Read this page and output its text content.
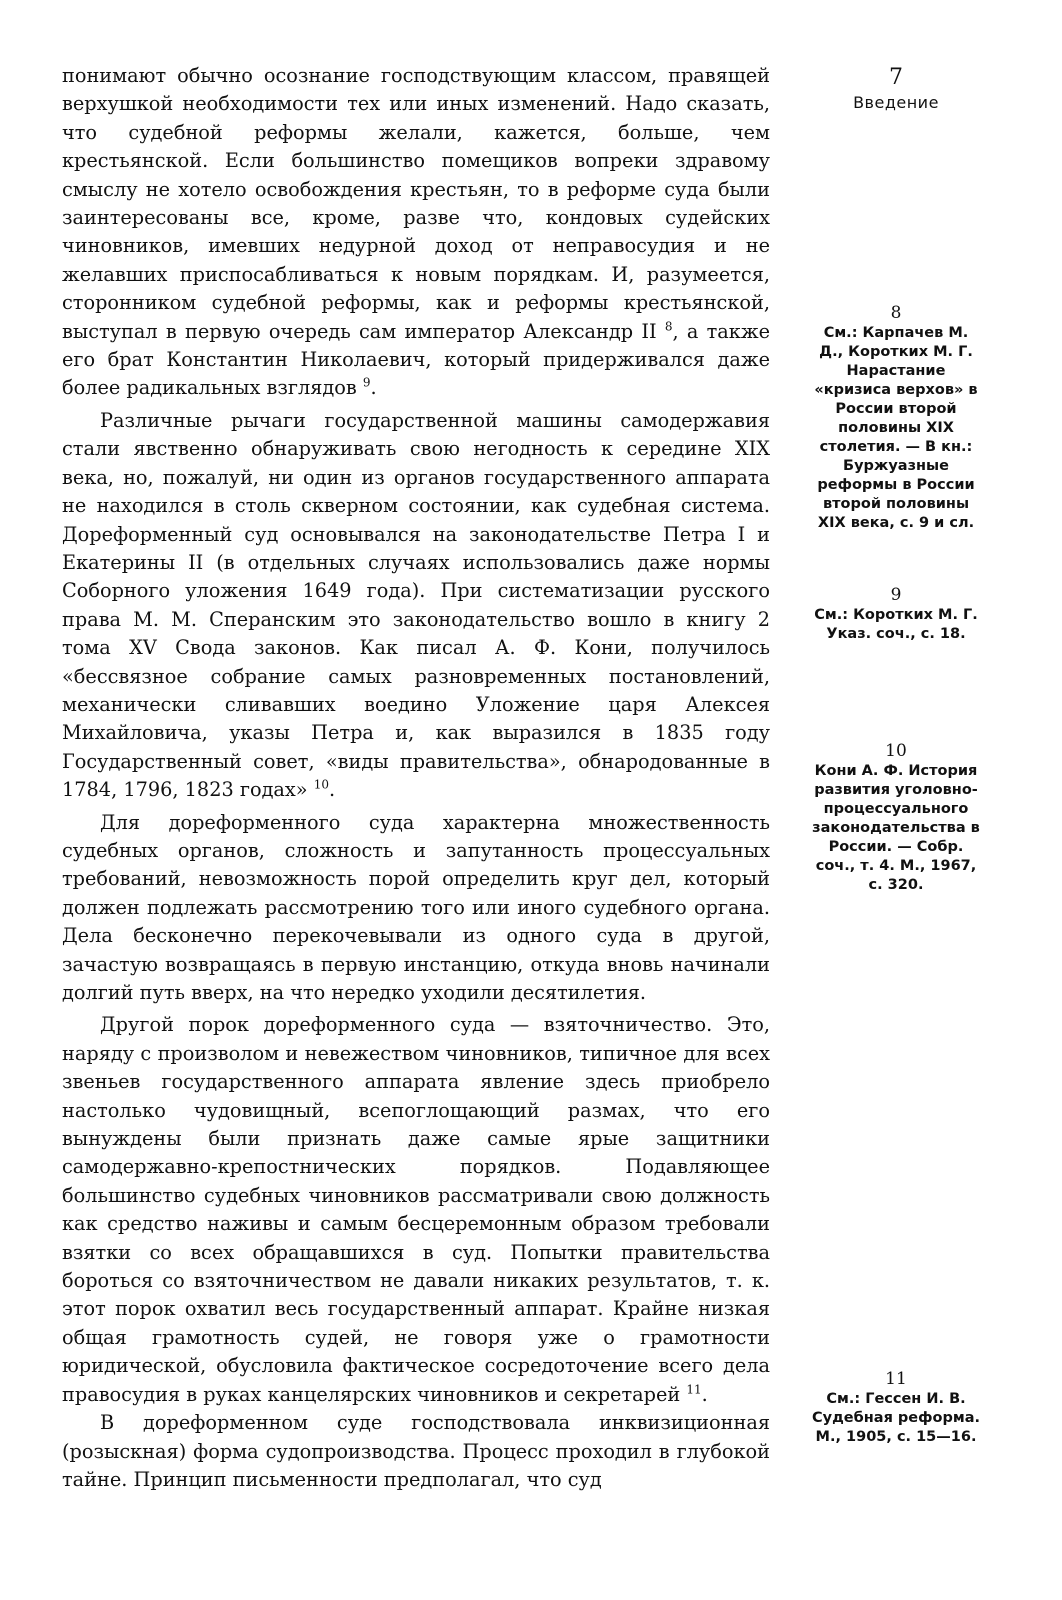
7
Введение

понимают обычно осознание господствующим классом, правящей верхушкой необходимости тех или иных изменений. Надо сказать, что судебной реформы желали, кажется, больше, чем крестьянской. Если большинство помещиков вопреки здравому смыслу не хотело освобождения крестьян, то в реформе суда были заинтересованы все, кроме, разве что, кондовых судейских чиновников, имевших недурной доход от неправосудия и не желавших приспосабливаться к новым порядкам. И, разумеется, сторонником судебной реформы, как и реформы крестьянской, выступал в первую очередь сам император Александр II $^8$, а также его брат Константин Николаевич, который придерживался даже более радикальных взглядов $^9$.

Различные рычаги государственной машины самодержавия стали явственно обнаруживать свою негодность к середине XIX века, но, пожалуй, ни один из органов государственного аппарата не находился в столь скверном состоянии, как судебная система. Дореформенный суд основывался на законодательстве Петра I и Екатерины II (в отдельных случаях использовались даже нормы Соборного уложения 1649 года). При систематизации русского права М. М. Сперанским это законодательство вошло в книгу 2 тома XV Свода законов. Как писал А. Ф. Кони, получилось «бессвязное собрание самых разновременных постановлений, механически сливавших воедино Уложение царя Алексея Михайловича, указы Петра и, как выразился в 1835 году Государственный совет, «виды правительства», обнародованные в 1784, 1796, 1823 годах» $^{10}$.

Для дореформенного суда характерна множественность судебных органов, сложность и запутанность процессуальных требований, невозможность порой определить круг дел, который должен подлежать рассмотрению того или иного судебного органа. Дела бесконечно перекочевывали из одного суда в другой, зачастую возвращаясь в первую инстанцию, откуда вновь начинали долгий путь вверх, на что нередко уходили десятилетия.

Другой порок дореформенного суда — взяточничество. Это, наряду с произволом и невежеством чиновников, типичное для всех звеньев государственного аппарата явление здесь приобрело настолько чудовищный, всепоглощающий размах, что его вынуждены были признать даже самые ярые защитники самодержавно-крепостнических порядков. Подавляющее большинство судебных чиновников рассматривали свою должность как средство наживы и самым бесцеремонным образом требовали взятки со всех обращавшихся в суд. Попытки правительства бороться со взяточничеством не давали никаких результатов, т. к. этот порок охватил весь государственный аппарат. Крайне низкая общая грамотность судей, не говоря уже о грамотности юридической, обусловила фактическое сосредоточение всего дела правосудия в руках канцелярских чиновников и секретарей $^{11}$.

В дореформенном суде господствовала инквизиционная (розыскная) форма судопроизводства. Процесс проходил в глубокой тайне. Принцип письменности предполагал, что суд

8
См.: Карпачев М. Д., Коротких М. Г. Нарастание «кризиса верхов» в России второй половины XIX столетия. — В кн.: Буржуазные реформы в России второй половины XIX века, с. 9 и сл.
9
См.: Коротких М. Г. Указ. соч., с. 18.
10
Кони А. Ф. История развития уголовно-процессуального законодательства в России. — Собр. соч., т. 4. М., 1967, с. 320.
11
См.: Гессен И. В. Судебная реформа. М., 1905, с. 15—16.
